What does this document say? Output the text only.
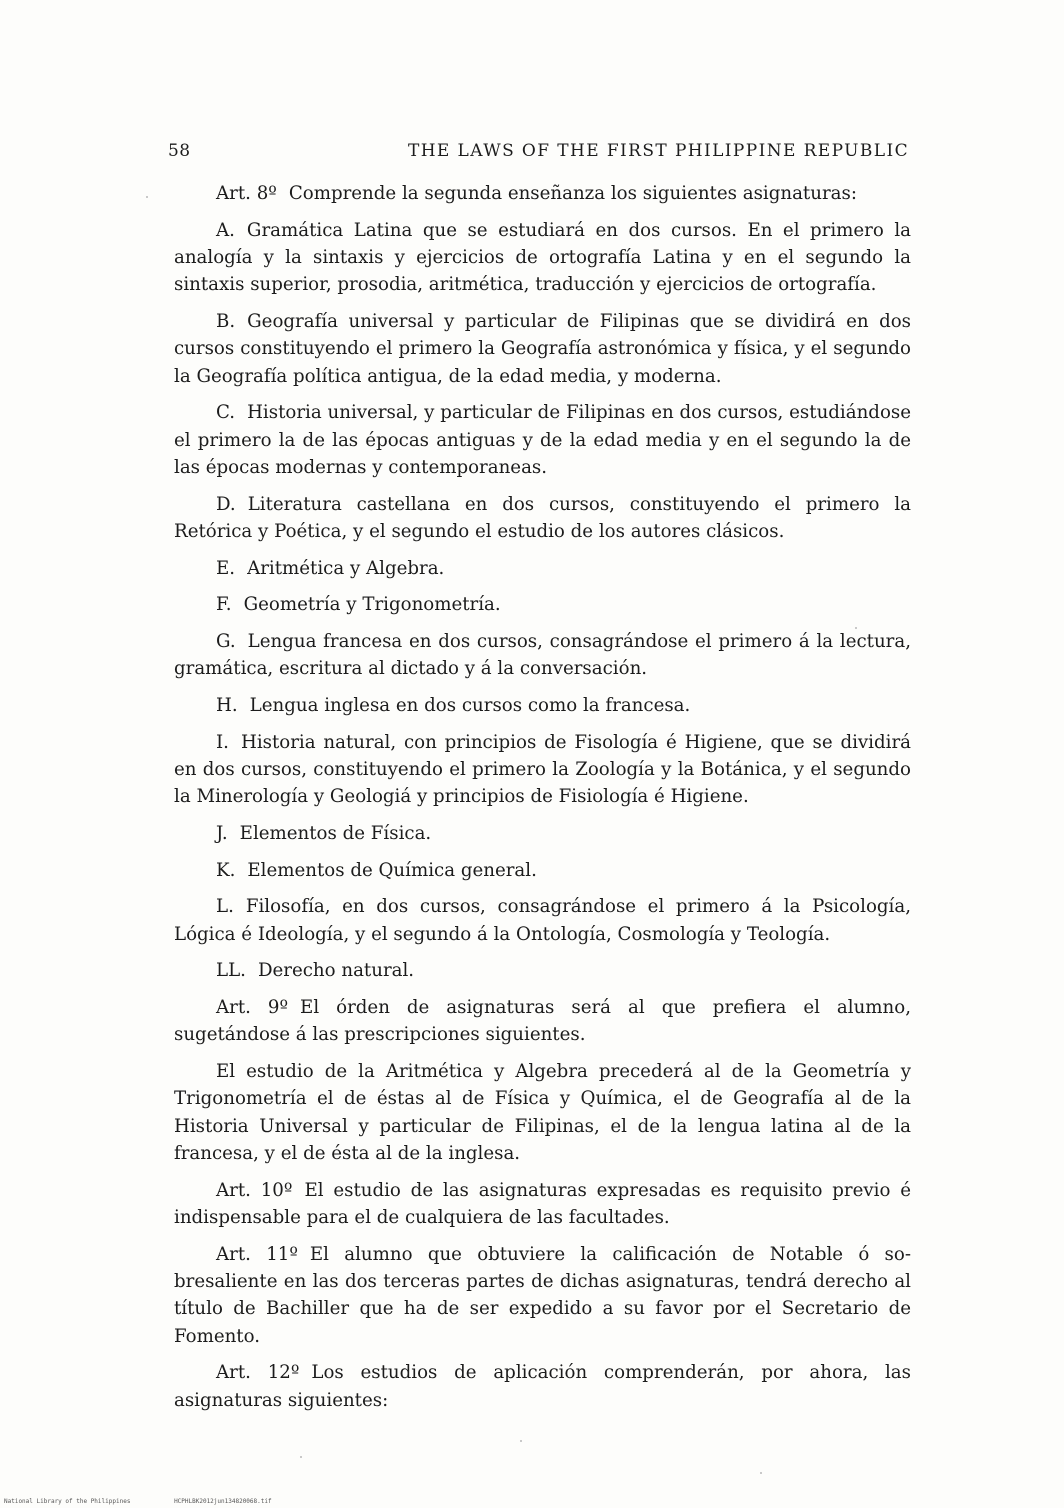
58	THE LAWS OF THE FIRST PHILIPPINE REPUBLIC

Art. 8º Comprende la segunda enseñanza los siguientes asignaturas:

A. Gramática Latina que se estudiará en dos cursos. En el primero la analogía y la sintaxis y ejercicios de ortografía Latina y en el segundo la sintaxis superior, prosodia, aritmética, traducción y ejercicios de ortografía.

B. Geografía universal y particular de Filipinas que se dividirá en dos cursos constituyendo el primero la Geografía astronómica y física, y el segundo la Geografía política antigua, de la edad media, y moderna.

C. Historia universal, y particular de Filipinas en dos cursos, estudiándose el primero la de las épocas antiguas y de la edad media y en el segundo la de las épocas modernas y contemporaneas.

D. Literatura castellana en dos cursos, constituyendo el primero la Retórica y Poética, y el segundo el estudio de los autores clásicos.

E. Aritmética y Algebra.

F. Geometría y Trigonometría.

G. Lengua francesa en dos cursos, consagrándose el primero á la lectura, gramática, escritura al dictado y á la conversación.

H. Lengua inglesa en dos cursos como la francesa.

I. Historia natural, con principios de Fisología é Higiene, que se dividirá en dos cursos, constituyendo el primero la Zoología y la Botánica, y el segundo la Minerología y Geologiá y principios de Fisiología é Higiene.

J. Elementos de Física.

K. Elementos de Química general.

L. Filosofía, en dos cursos, consagrándose el primero á la Psicología, Lógica é Ideología, y el segundo á la Ontología, Cosmología y Teología.

LL. Derecho natural.

Art. 9º El órden de asignaturas será al que prefiera el alumno, sugetándose á las prescripciones siguientes.

El estudio de la Aritmética y Algebra precederá al de la Geometría y Trigonometría el de éstas al de Física y Química, el de Geografía al de la Historia Universal y particular de Filipinas, el de la lengua latina al de la francesa, y el de ésta al de la inglesa.

Art. 10º El estudio de las asignaturas expresadas es requisito previo é indispensable para el de cualquiera de las facultades.

Art. 11º El alumno que obtuviere la calificación de Notable ó sobresaliente en las dos terceras partes de dichas asignaturas, tendrá derecho al título de Bachiller que ha de ser expedido a su favor por el Secretario de Fomento.

Art. 12º Los estudios de aplicación comprenderán, por ahora, las asignaturas siguientes:

National Library of the Philippines	HCPHLBK2012jun134820068.tif
